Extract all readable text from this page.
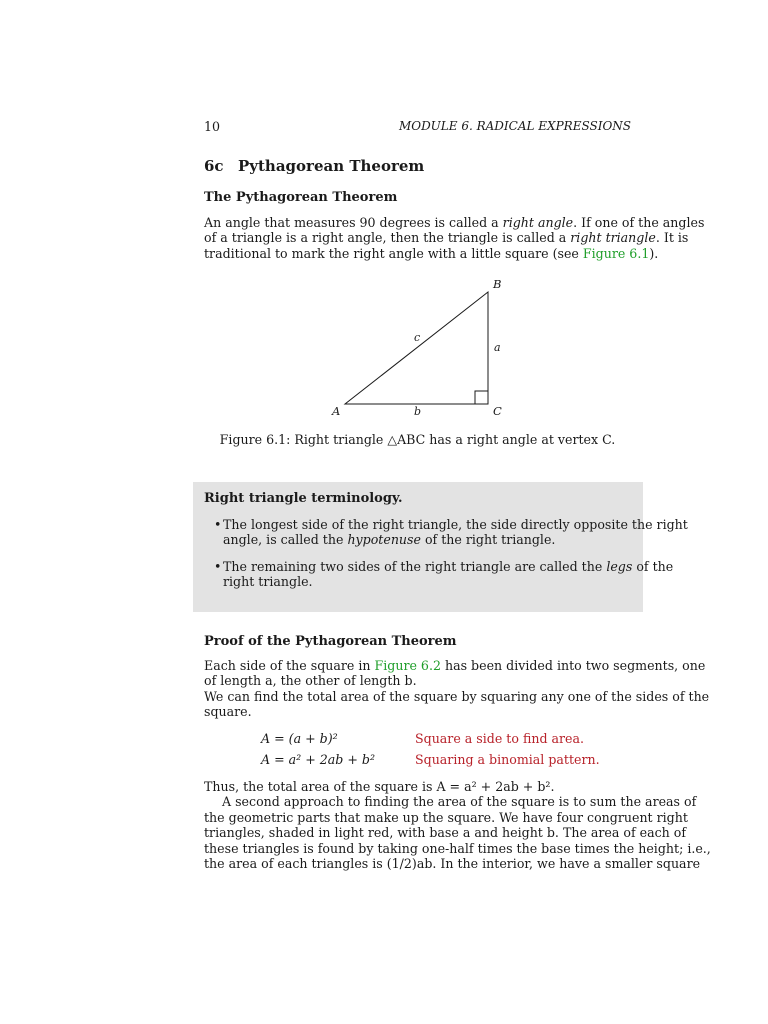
10	MODULE 6. RADICAL EXPRESSIONS
6c Pythagorean Theorem
The Pythagorean Theorem
An angle that measures 90 degrees is called a right angle. If one of the angles
of a triangle is a right angle, then the triangle is called a right triangle. It is
traditional to mark the right angle with a little square (see Figure 6.1).
B
c
a
A	b	C
Figure 6.1: Right triangle △ABC has a right angle at vertex C.
Proof of the Pythagorean Theorem
Each side of the square in Figure 6.2 has been divided into two segments, one
of length a, the other of length b.
We can find the total area of the square by squaring any one of the sides of the
square.
A = (a + b)²	Square a side to find area.
A = a² + 2ab + b²	Squaring a binomial pattern.
Thus, the total area of the square is A = a² + 2ab + b².
A second approach to finding the area of the square is to sum the areas of
the geometric parts that make up the square. We have four congruent right
triangles, shaded in light red, with base a and height b. The area of each of
these triangles is found by taking one-half times the base times the height; i.e.,
the area of each triangles is (1/2)ab. In the interior, we have a smaller square
Right triangle terminology.
• The longest side of the right triangle, the side directly opposite the right
angle, is called the hypotenuse of the right triangle.
• The remaining two sides of the right triangle are called the legs of the
right triangle.
